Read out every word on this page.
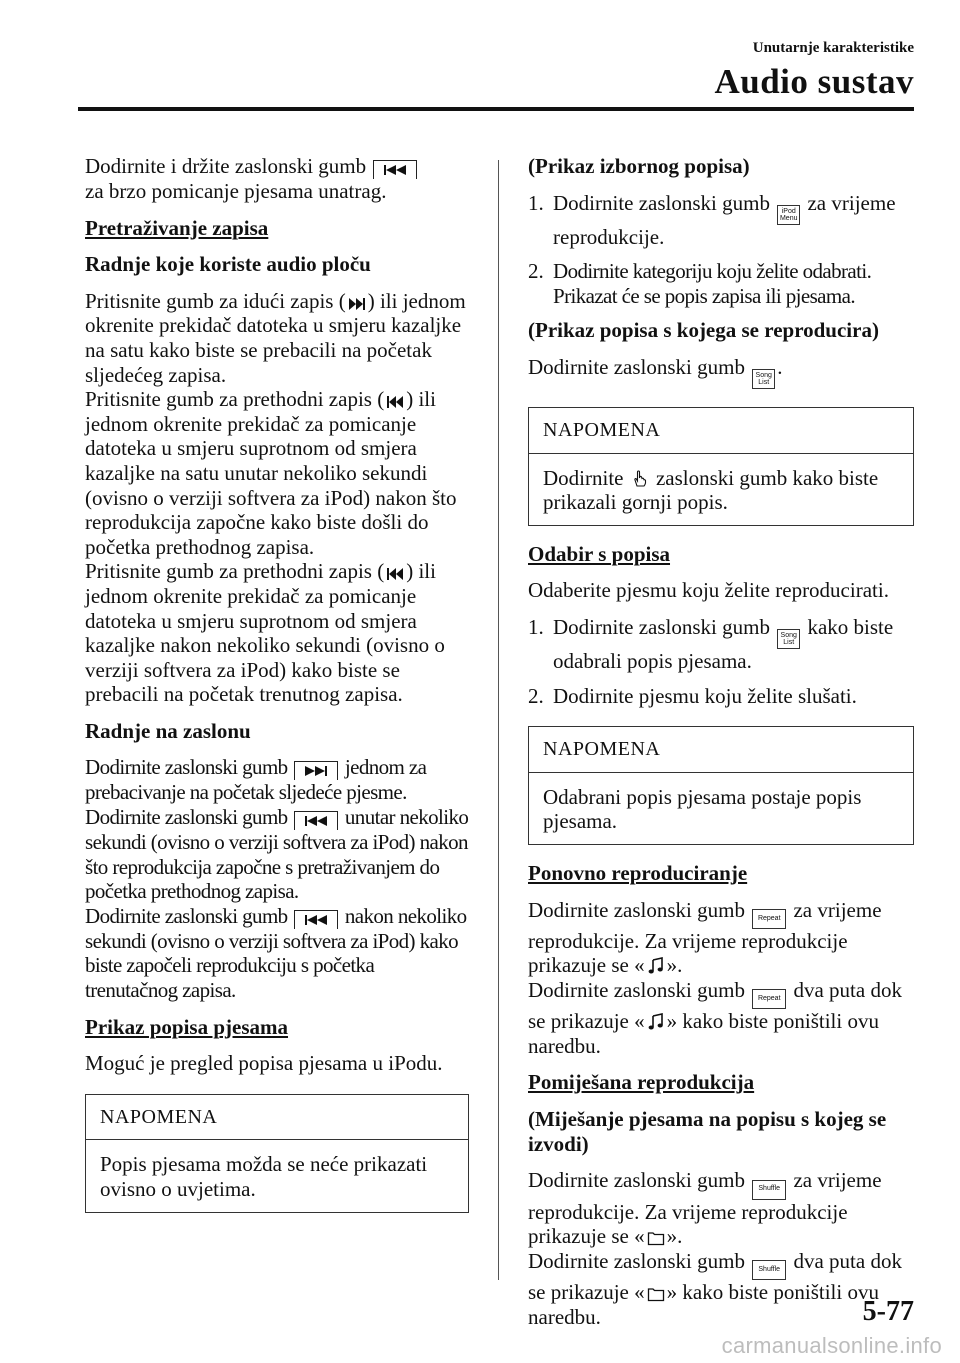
Unutarnje karakteristike
Audio sustav

Dodirnite i držite zaslonski gumb

za brzo pomicanje pjesama unatrag.

Pretraživanje zapisa

Radnje koje koriste audio ploču

Pritisnite gumb za idući zapis ( ) ili jednom okrenite prekidač datoteka u smjeru kazaljke na satu kako biste se prebacili na početak sljedećeg zapisa.
Pritisnite gumb za prethodni zapis ( ) ili jednom okrenite prekidač za pomicanje datoteka u smjeru suprotnom od smjera kazaljke na satu unutar nekoliko sekundi (ovisno o verziji softvera za iPod) nakon što reprodukcija započne kako biste došli do početka prethodnog zapisa.
Pritisnite gumb za prethodni zapis ( ) ili jednom okrenite prekidač za pomicanje datoteka u smjeru suprotnom od smjera kazaljke nakon nekoliko sekundi (ovisno o verziji softvera za iPod) kako biste se prebacili na početak trenutnog zapisa.

Radnje na zaslonu

Dodirnite zaslonski gumb	jednom za prebacivanje na početak sljedeće pjesme.
Dodirnite zaslonski gumb	unutar nekoliko sekundi (ovisno o verziji softvera za iPod) nakon što reprodukcija započne s pretraživanjem do početka prethodnog zapisa.
Dodirnite zaslonski gumb	nakon nekoliko sekundi (ovisno o verziji softvera za iPod) kako biste započeli reprodukciju s početka trenutačnog zapisa.

Prikaz popisa pjesama

Moguć je pregled popisa pjesama u iPodu.

NAPOMENA
Popis pjesama možda se neće prikazati ovisno o uvjetima.

(Prikaz izbornog popisa)

1. Dodirnite zaslonski gumb iPod
Menu
za vrijeme reprodukcije.
2. Dodirnite kategoriju koju želite odabrati.
Prikazat će se popis zapisa ili pjesama.

(Prikaz popisa s kojega se reproducira)

Dodirnite zaslonski gumb Song
List
.

NAPOMENA
Dodirnite zaslonski gumb kako biste prikazali gornji popis.

Odabir s popisa

Odaberite pjesmu koju želite reproducirati.

1. Dodirnite zaslonski gumb Song
List
kako biste odabrali popis pjesama.
2. Dodirnite pjesmu koju želite slušati.
NAPOMENA
Odabrani popis pjesama postaje popis pjesama.

Ponovno reproduciranje

Dodirnite zaslonski gumb Repeat za vrijeme reprodukcije. Za vrijeme reprodukcije prikazuje se « ».
Dodirnite zaslonski gumb Repeat dva puta dok se prikazuje « » kako biste poništili ovu naredbu.

Pomiješana reprodukcija

(Miješanje pjesama na popisu s kojeg se izvodi)

Dodirnite zaslonski gumb Shuffle za vrijeme reprodukcije. Za vrijeme reprodukcije prikazuje se « ».
Dodirnite zaslonski gumb Shuffle dva puta dok se prikazuje « » kako biste poništili ovu naredbu.	5-77
carmanualsonline.info
